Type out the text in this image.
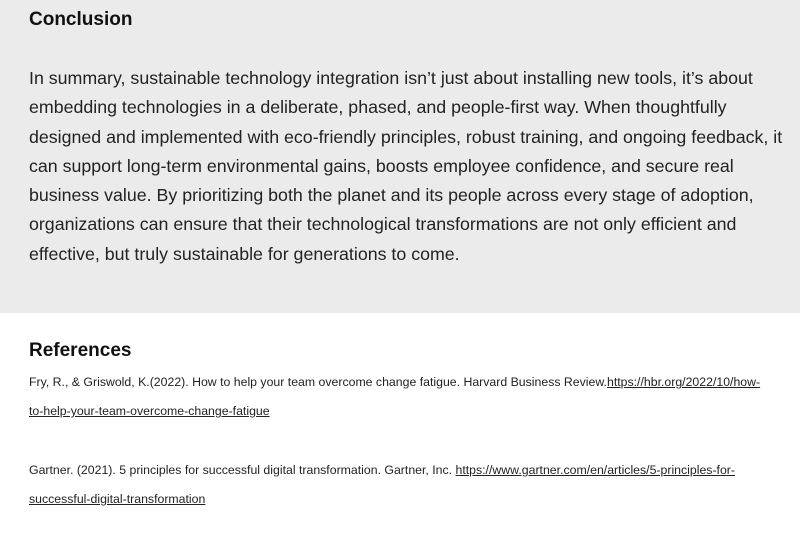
Conclusion

In summary, sustainable technology integration isn’t just about installing new tools, it’s about embedding technologies in a deliberate, phased, and people-first way. When thoughtfully designed and implemented with eco-friendly principles, robust training, and ongoing feedback, it can support long-term environmental gains, boosts employee confidence, and secure real business value. By prioritizing both the planet and its people across every stage of adoption, organizations can ensure that their technological transformations are not only efficient and effective, but truly sustainable for generations to come.

References

Fry, R., & Griswold, K.(2022). How to help your team overcome change fatigue. Harvard Business Review.https://hbr.org/2022/10/how-to-help-your-team-overcome-change-fatigue

Gartner. (2021). 5 principles for successful digital transformation. Gartner, Inc. https://www.gartner.com/en/articles/5-principles-for-successful-digital-transformation
